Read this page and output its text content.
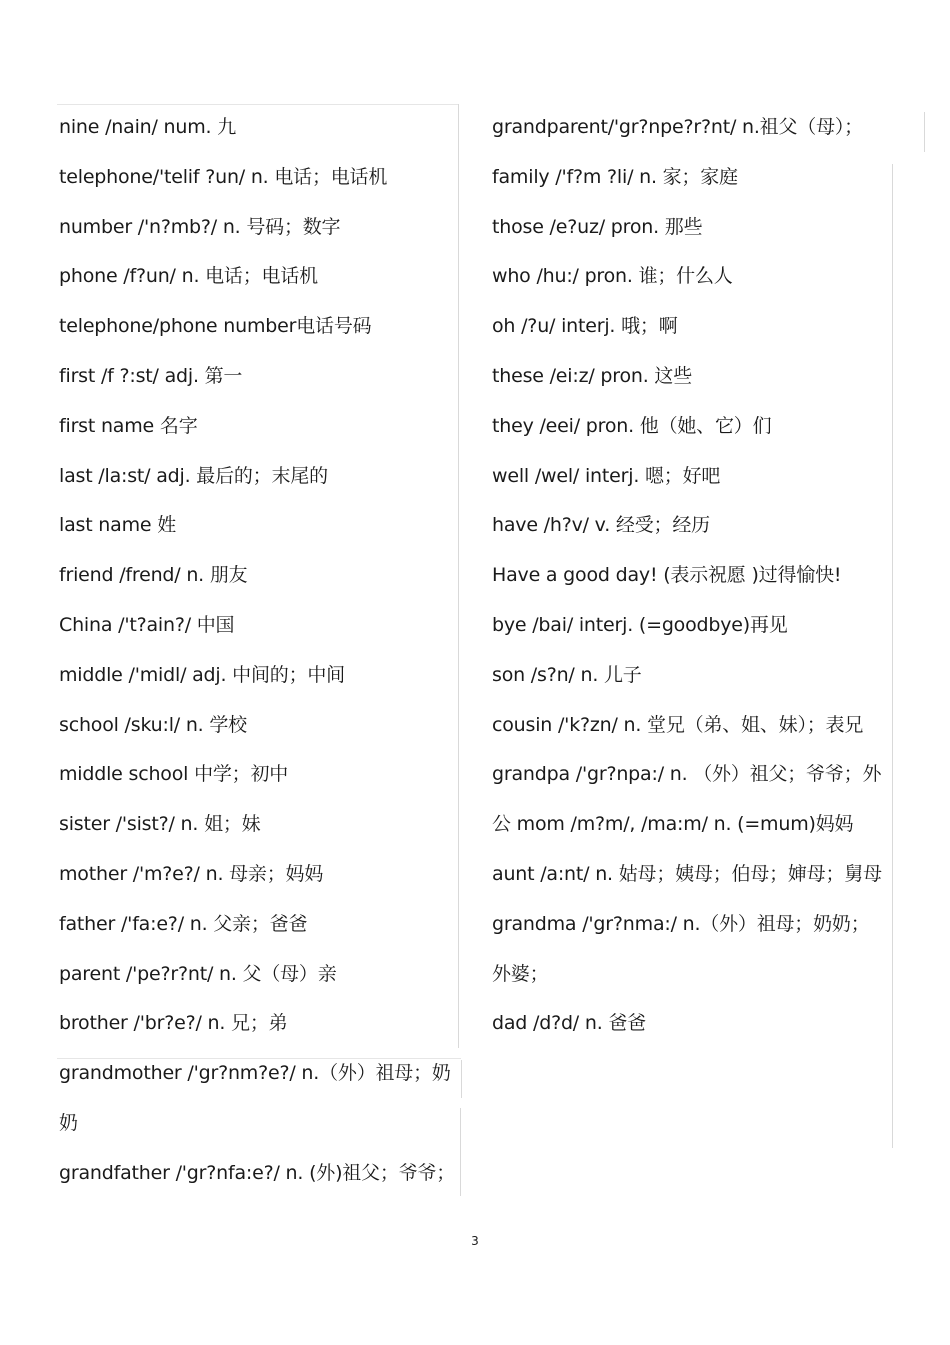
nine /nain/ num. 九
telephone/'telif ?un/ n. 电话；电话机
number /'n?mb?/ n. 号码；数字
phone /f?un/ n. 电话；电话机
telephone/phone number电话号码
first /f ?:st/ adj. 第一
first name 名字
last /la:st/ adj. 最后的；末尾的
last name 姓
friend /frend/ n. 朋友
China /'t?ain?/ 中国
middle /'midl/ adj. 中间的；中间
school /sku:l/ n. 学校
middle school 中学；初中
sister /'sist?/ n. 姐；妹
mother /'m?e?/ n. 母亲；妈妈
father /'fa:e?/ n. 父亲；爸爸
parent /'pe?r?nt/ n. 父（母）亲
brother /'br?e?/ n. 兄；弟
grandmother /'gr?nm?e?/ n.（外）祖母；奶奶
grandfather /'gr?nfa:e?/ n. (外)祖父；爷爷；
grandparent/'gr?npe?r?nt/ n.祖父（母）；
family /'f?m ?li/ n. 家；家庭
those /e?uz/ pron. 那些
who /hu:/ pron. 谁；什么人
oh /?u/ interj. 哦；啊
these /ei:z/ pron. 这些
they /eei/ pron. 他（她、它）们
well /wel/ interj. 嗯；好吧
have /h?v/ v. 经受；经历
Have a good day! (表示祝愿 )过得愉快!
bye /bai/ interj. (=goodbye)再见
son /s?n/ n. 儿子
cousin /'k?zn/ n. 堂兄（弟、姐、妹）；表兄
grandpa /'gr?npa:/ n. （外）祖父；爷爷；外公 mom /m?m/, /ma:m/ n. (=mum)妈妈
aunt /a:nt/ n. 姑母；姨母；伯母；婶母；舅母
grandma /'gr?nma:/ n.（外）祖母；奶奶；外婆；
dad /d?d/ n. 爸爸
3
